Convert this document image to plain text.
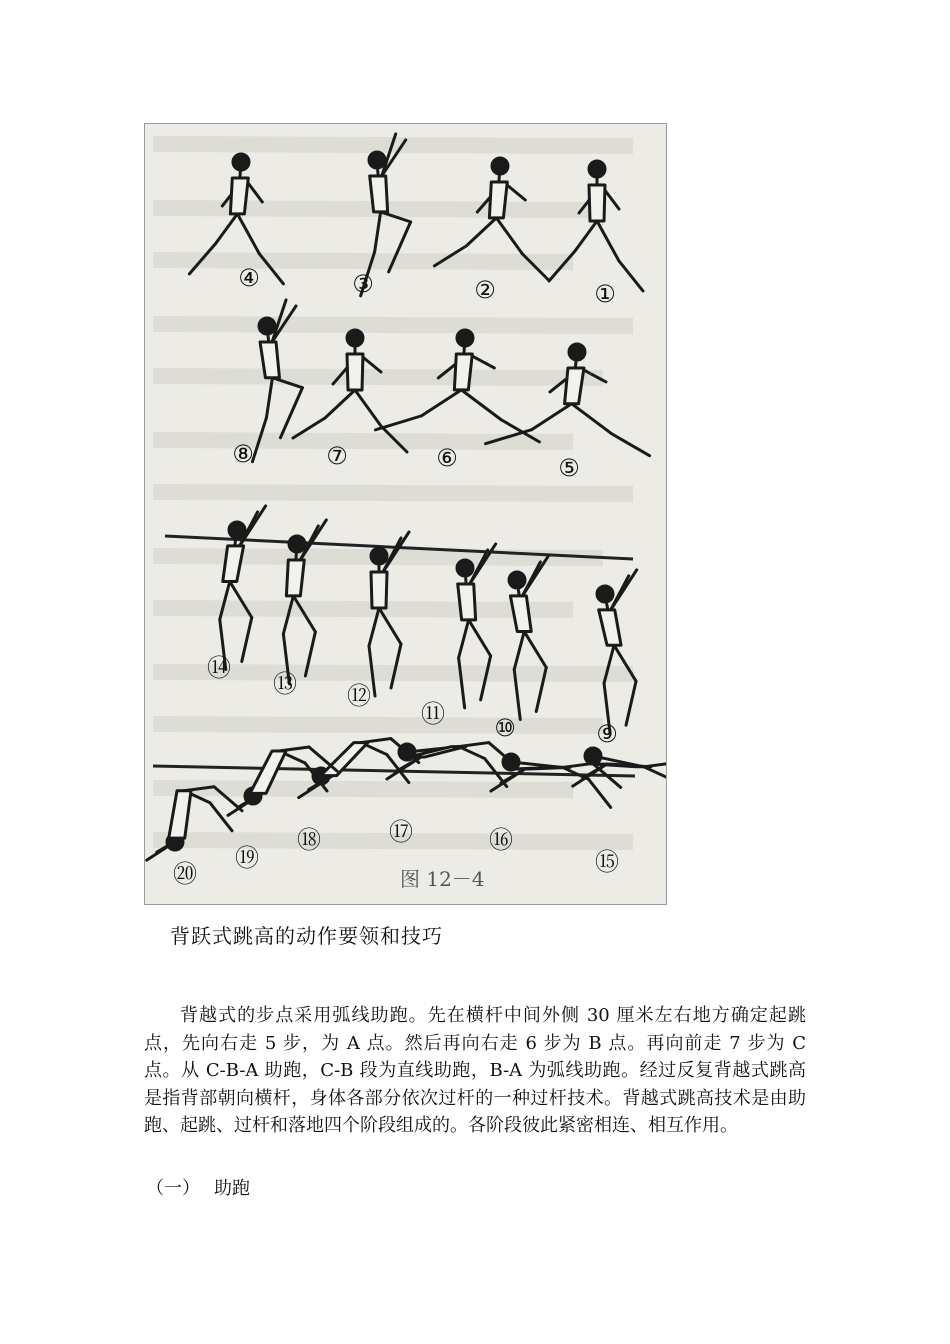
①
②
③
④
⑤
⑥
⑦
⑧
⑨
⑩
⑪
⑫
⑬
⑭
⑮
⑯
⑰
⑱
⑲
⑳	图 12－4
背跃式跳高的动作要领和技巧

背越式的步点采用弧线助跑。先在横杆中间外侧 30 厘米左右地方确定起跳点，先向右走 5 步，为 A 点。然后再向右走 6 步为 B 点。再向前走 7 步为 C 点。从 C-B-A 助跑，C-B 段为直线助跑，B-A 为弧线助跑。经过反复背越式跳高是指背部朝向横杆，身体各部分依次过杆的一种过杆技术。背越式跳高技术是由助跑、起跳、过杆和落地四个阶段组成的。各阶段彼此紧密相连、相互作用。

（一） 助跑
